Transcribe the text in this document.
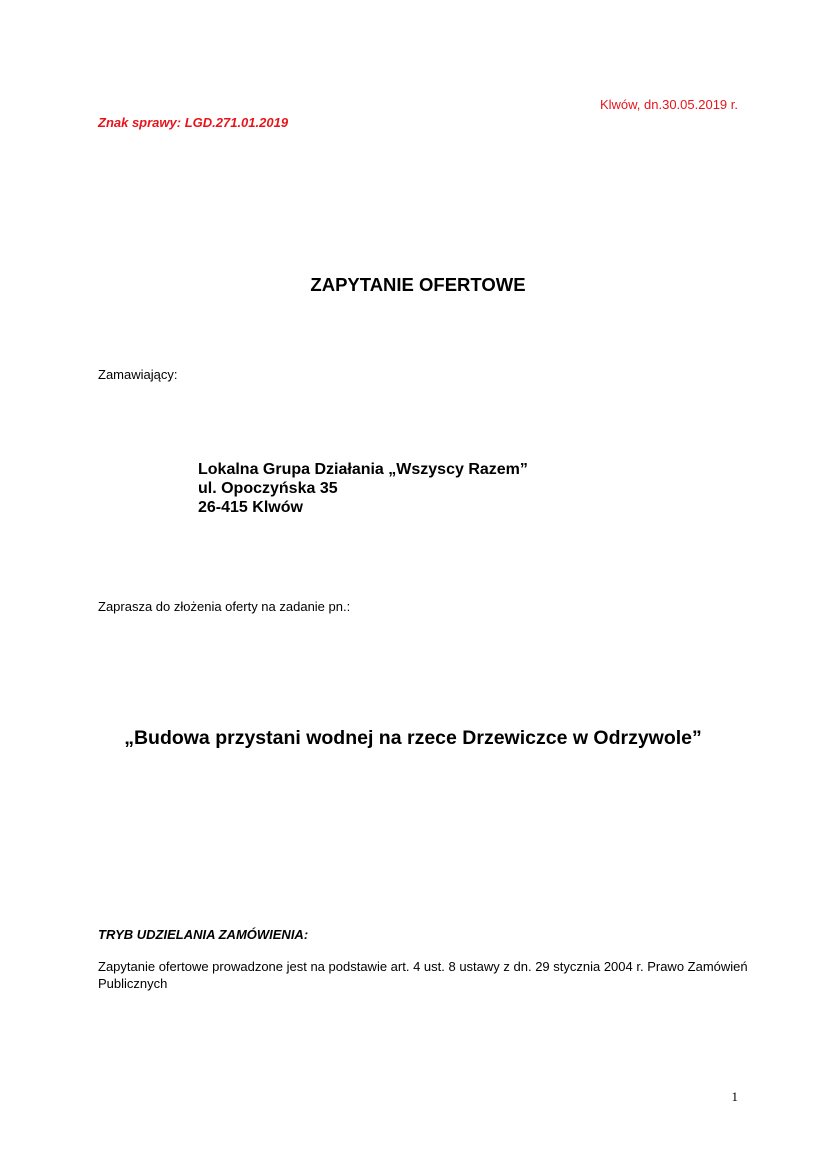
Klwów, dn.30.05.2019 r.
Znak sprawy: LGD.271.01.2019
ZAPYTANIE OFERTOWE
Zamawiający:
Lokalna Grupa Działania „Wszyscy Razem”
ul. Opoczyńska 35
26-415 Klwów
Zaprasza do złożenia oferty na zadanie pn.:
„Budowa przystani wodnej na rzece Drzewiczce w Odrzywole”
TRYB UDZIELANIA ZAMÓWIENIA:
Zapytanie ofertowe prowadzone jest na podstawie art. 4 ust. 8 ustawy z dn. 29 stycznia 2004 r. Prawo Zamówień Publicznych
1
